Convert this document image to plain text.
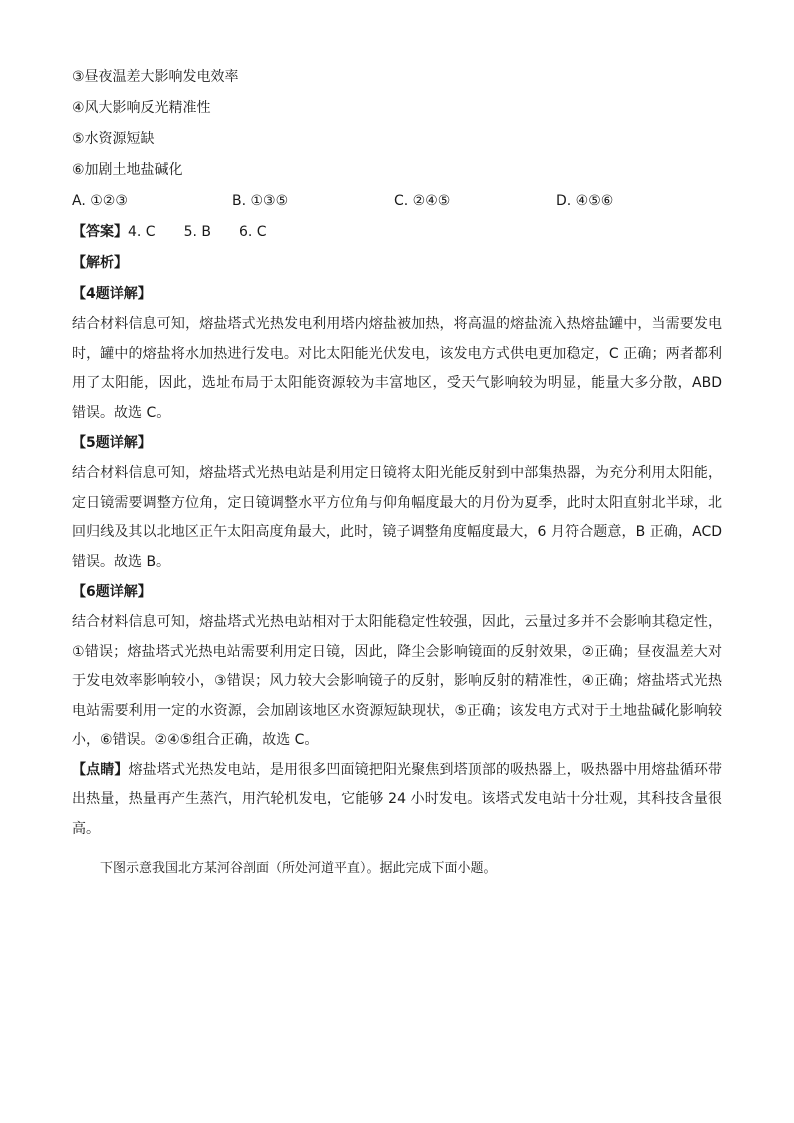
③昼夜温差大影响发电效率
④风大影响反光精准性
⑤水资源短缺
⑥加剧土地盐碱化
A. ①②③	B. ①③⑤	C. ②④⑤	D. ④⑤⑥
【答案】4. C　　5. B　　6. C
【解析】
【4题详解】

结合材料信息可知，熔盐塔式光热发电利用塔内熔盐被加热，将高温的熔盐流入热熔盐罐中，当需要发电时，罐中的熔盐将水加热进行发电。对比太阳能光伏发电，该发电方式供电更加稳定，C 正确；两者都利用了太阳能，因此，选址布局于太阳能资源较为丰富地区，受天气影响较为明显，能量大多分散，ABD 错误。故选 C。

【5题详解】

结合材料信息可知，熔盐塔式光热电站是利用定日镜将太阳光能反射到中部集热器，为充分利用太阳能，定日镜需要调整方位角，定日镜调整水平方位角与仰角幅度最大的月份为夏季，此时太阳直射北半球，北回归线及其以北地区正午太阳高度角最大，此时，镜子调整角度幅度最大，6 月符合题意，B 正确，ACD 错误。故选 B。

【6题详解】

结合材料信息可知，熔盐塔式光热电站相对于太阳能稳定性较强，因此，云量过多并不会影响其稳定性，①错误；熔盐塔式光热电站需要利用定日镜，因此，降尘会影响镜面的反射效果，②正确；昼夜温差大对于发电效率影响较小，③错误；风力较大会影响镜子的反射，影响反射的精准性，④正确；熔盐塔式光热电站需要利用一定的水资源，会加剧该地区水资源短缺现状，⑤正确；该发电方式对于土地盐碱化影响较小，⑥错误。②④⑤组合正确，故选 C。

【点睛】熔盐塔式光热发电站，是用很多凹面镜把阳光聚焦到塔顶部的吸热器上，吸热器中用熔盐循环带出热量，热量再产生蒸汽，用汽轮机发电，它能够 24 小时发电。该塔式发电站十分壮观，其科技含量很高。

下图示意我国北方某河谷剖面（所处河道平直）。据此完成下面小题。
